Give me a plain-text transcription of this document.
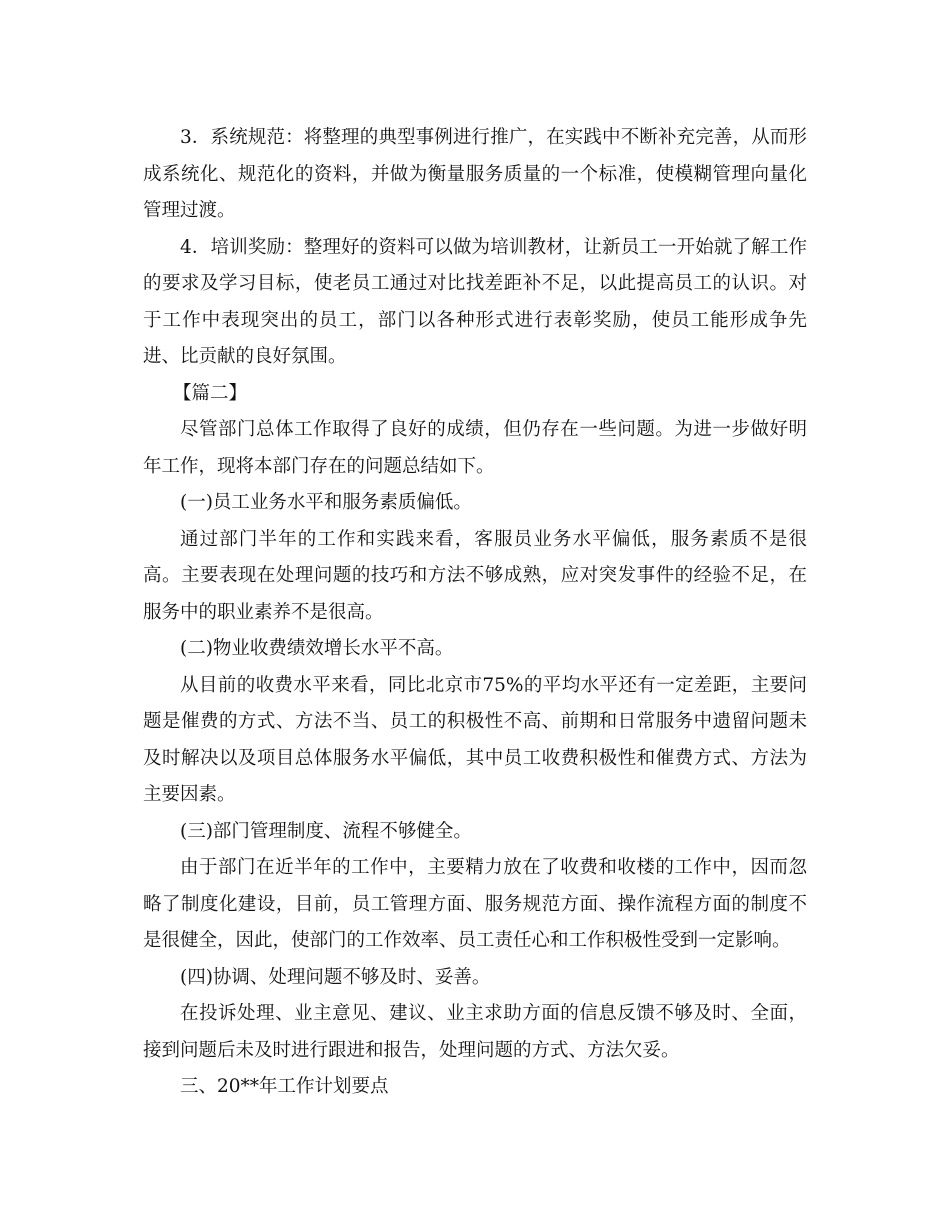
3．系统规范：将整理的典型事例进行推广，在实践中不断补充完善，从而形成系统化、规范化的资料，并做为衡量服务质量的一个标准，使模糊管理向量化管理过渡。

4．培训奖励：整理好的资料可以做为培训教材，让新员工一开始就了解工作的要求及学习目标，使老员工通过对比找差距补不足，以此提高员工的认识。对于工作中表现突出的员工，部门以各种形式进行表彰奖励，使员工能形成争先进、比贡献的良好氛围。

【篇二】

尽管部门总体工作取得了良好的成绩，但仍存在一些问题。为进一步做好明年工作，现将本部门存在的问题总结如下。

(一)员工业务水平和服务素质偏低。

通过部门半年的工作和实践来看，客服员业务水平偏低，服务素质不是很高。主要表现在处理问题的技巧和方法不够成熟，应对突发事件的经验不足，在服务中的职业素养不是很高。

(二)物业收费绩效增长水平不高。

从目前的收费水平来看，同比北京市75%的平均水平还有一定差距，主要问题是催费的方式、方法不当、员工的积极性不高、前期和日常服务中遗留问题未及时解决以及项目总体服务水平偏低，其中员工收费积极性和催费方式、方法为主要因素。

(三)部门管理制度、流程不够健全。

由于部门在近半年的工作中，主要精力放在了收费和收楼的工作中，因而忽略了制度化建设，目前，员工管理方面、服务规范方面、操作流程方面的制度不是很健全，因此，使部门的工作效率、员工责任心和工作积极性受到一定影响。

(四)协调、处理问题不够及时、妥善。

在投诉处理、业主意见、建议、业主求助方面的信息反馈不够及时、全面，接到问题后未及时进行跟进和报告，处理问题的方式、方法欠妥。

三、20**年工作计划要点
